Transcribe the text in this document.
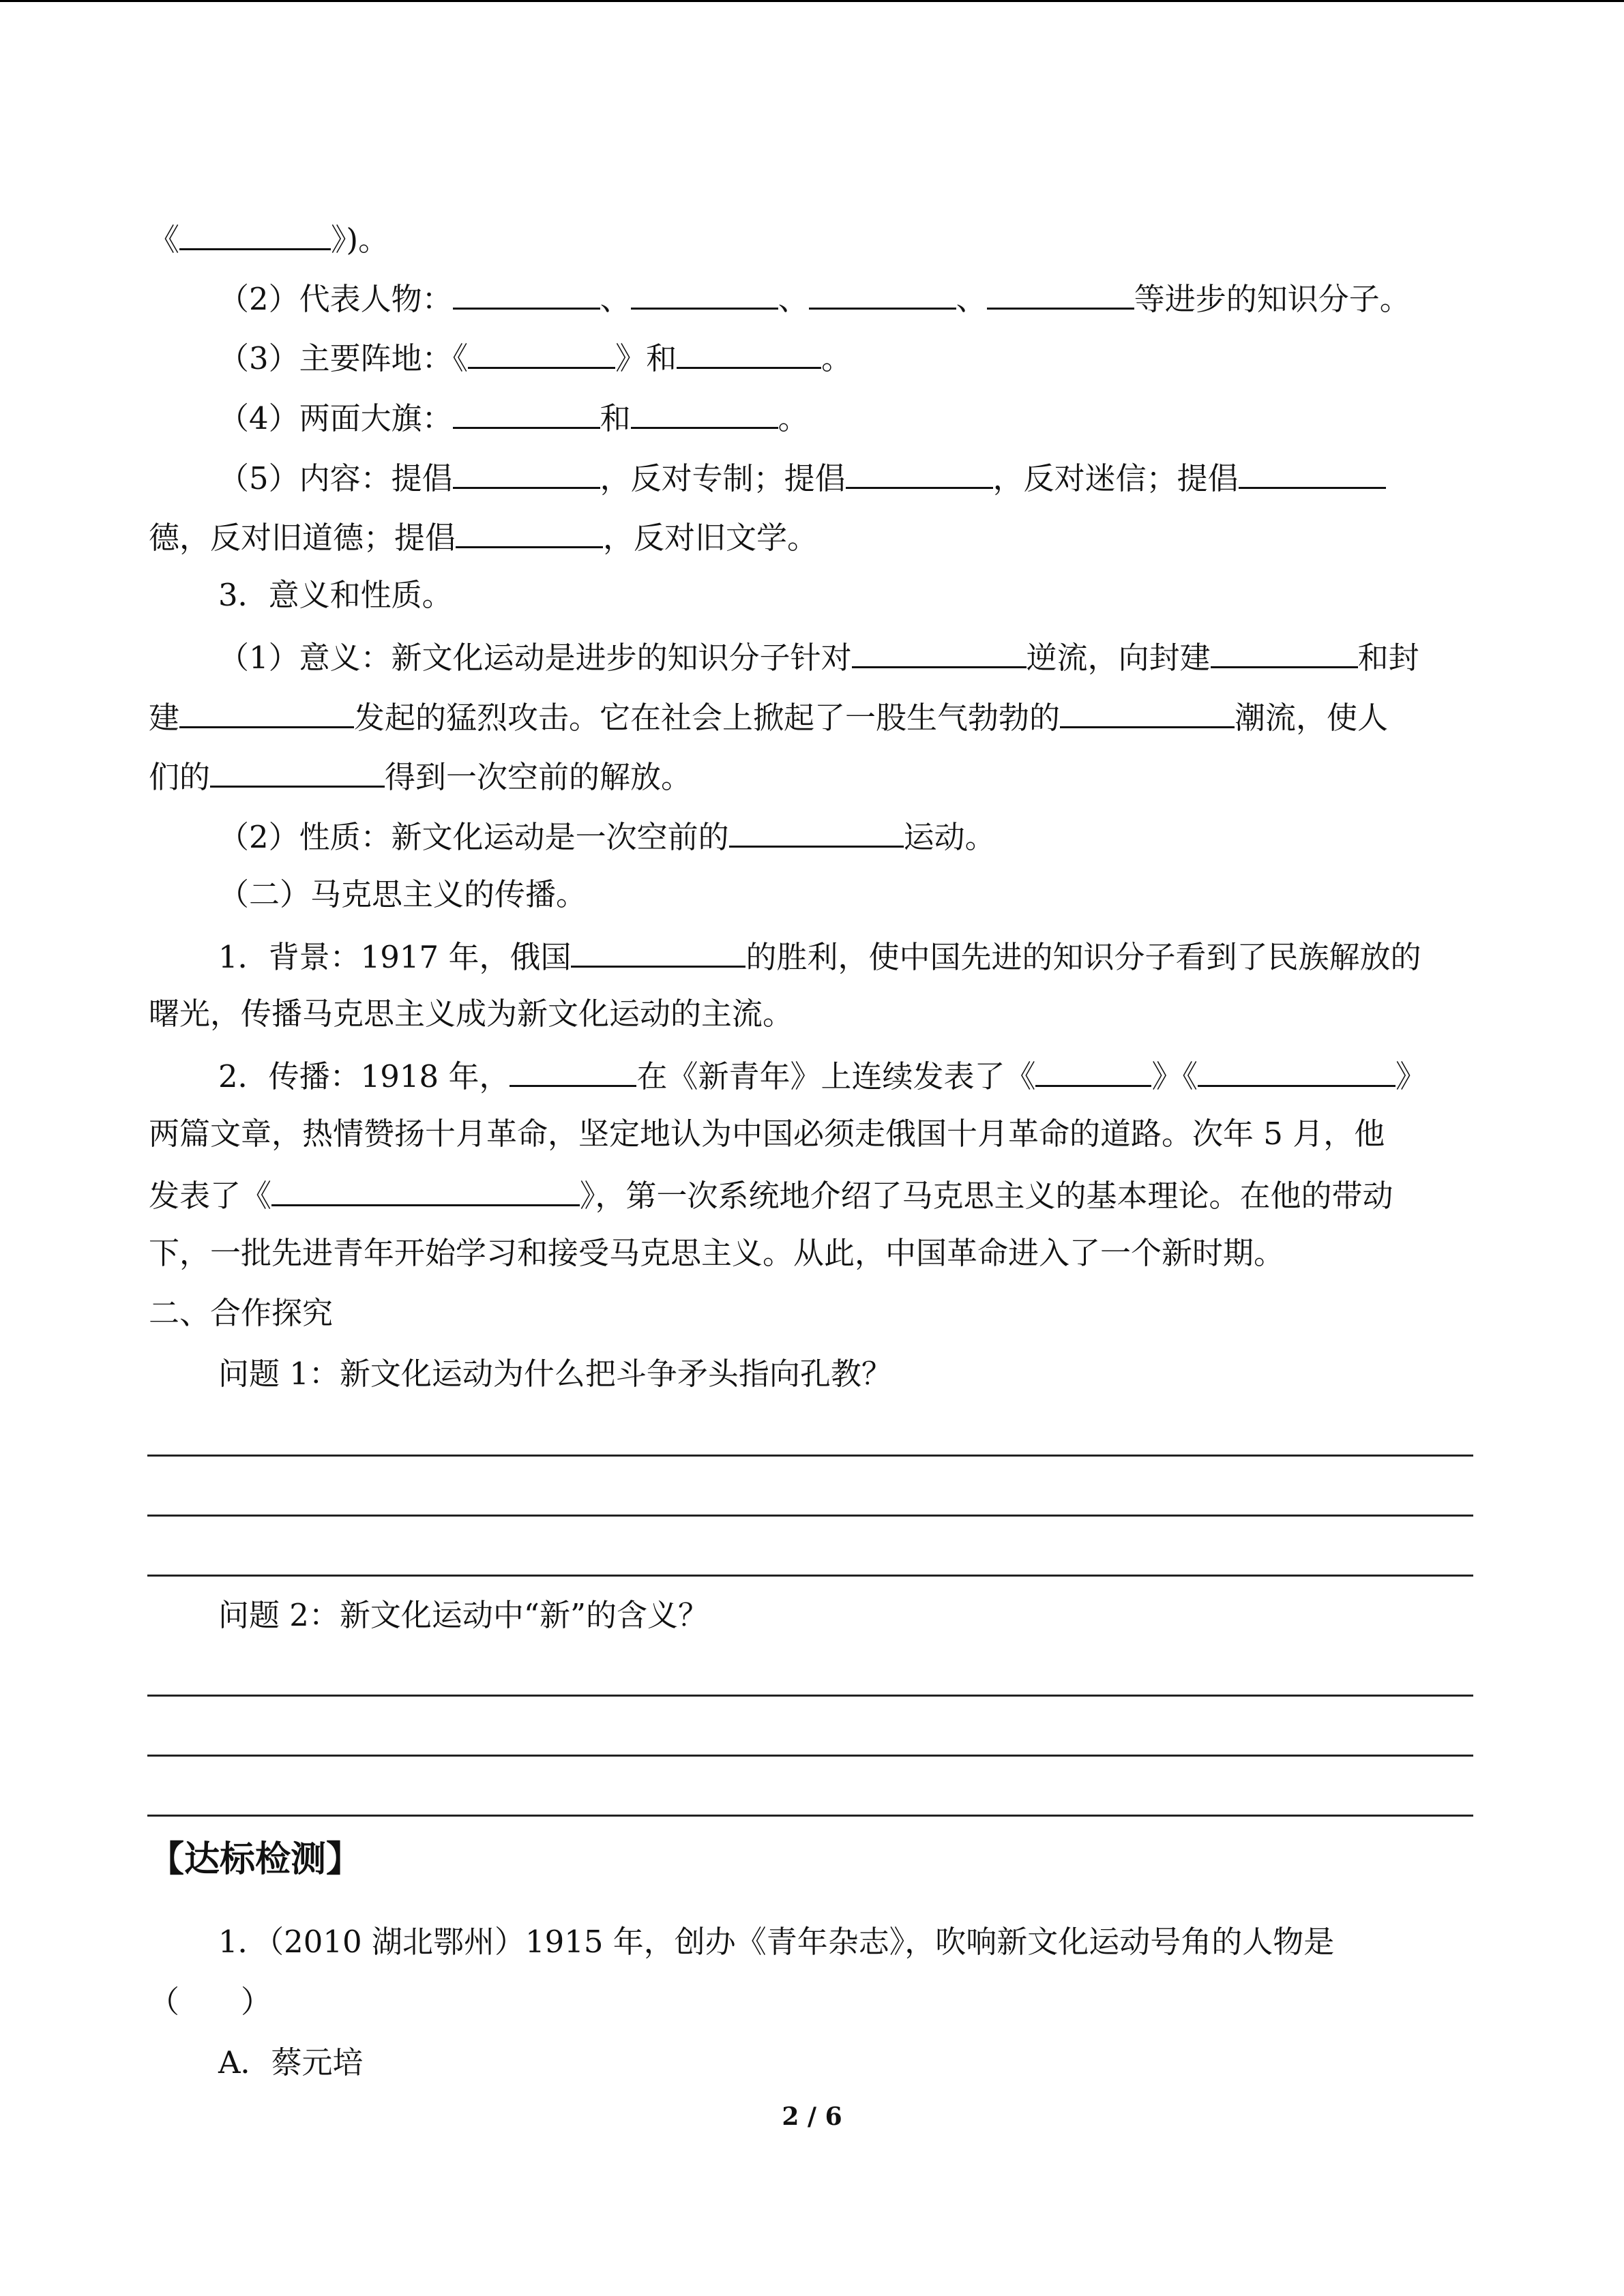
《	》)。
（2）代表人物：	、	、	、	等进步的知识分子。
（3）主要阵地：《	》和	。
（4）两面大旗：	和	。
（5）内容：提倡	，反对专制；提倡	，反对迷信；提倡
德，反对旧道德；提倡	，反对旧文学。
3．意义和性质。
（1）意义：新文化运动是进步的知识分子针对	逆流，向封建	和封
建	发起的猛烈攻击。它在社会上掀起了一股生气勃勃的	潮流，使人
们的	得到一次空前的解放。
（2）性质：新文化运动是一次空前的	运动。
（二）马克思主义的传播。
1．背景：1917 年，俄国	的胜利，使中国先进的知识分子看到了民族解放的
曙光，传播马克思主义成为新文化运动的主流。
2．传播：1918 年，	在《新青年》上连续发表了《	》《	》
两篇文章，热情赞扬十月革命，坚定地认为中国必须走俄国十月革命的道路。次年 5 月，他
发表了《	》，第一次系统地介绍了马克思主义的基本理论。在他的带动
下，一批先进青年开始学习和接受马克思主义。从此，中国革命进入了一个新时期。
二、合作探究
问题 1：新文化运动为什么把斗争矛头指向孔教？
问题 2：新文化运动中“新”的含义？
【达标检测】
1．（2010 湖北鄂州）1915 年，创办《青年杂志》，吹响新文化运动号角的人物是
（　　）
A．蔡元培
2 / 6
